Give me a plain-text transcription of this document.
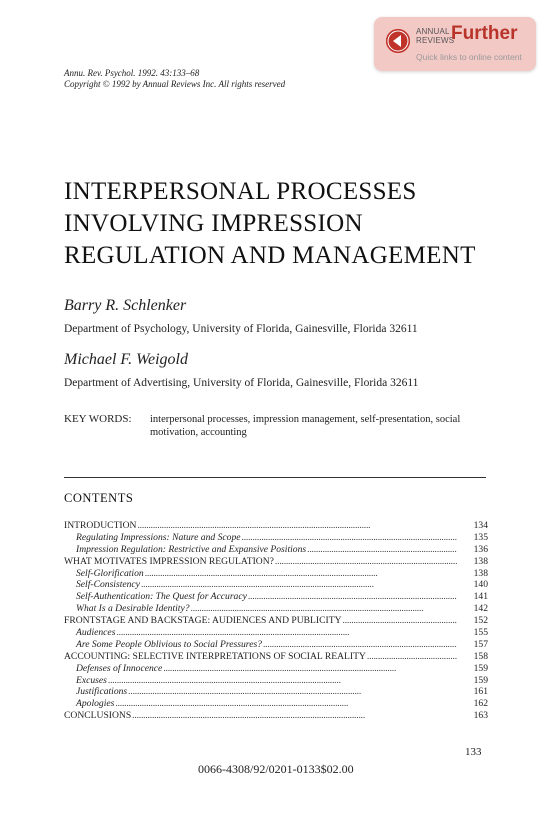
ANNUAL
REVIEWS
Further
Quick links to online content
Annu. Rev. Psychol. 1992. 43:133–68
Copyright © 1992 by Annual Reviews Inc. All rights reserved
INTERPERSONAL PROCESSES
INVOLVING IMPRESSION
REGULATION AND MANAGEMENT
Barry R. Schlenker
Department of Psychology, University of Florida, Gainesville, Florida 32611
Michael F. Weigold
Department of Advertising, University of Florida, Gainesville, Florida 32611
KEY WORDS: interpersonal processes, impression management, self-presentation, social motivation, accounting
CONTENTS
INTRODUCTION . . .	134
Regulating Impressions: Nature and Scope . . .	135
Impression Regulation: Restrictive and Expansive Positions . . .	136
WHAT MOTIVATES IMPRESSION REGULATION? . . .	138
Self-Glorification . . .	138
Self-Consistency . . .	140
Self-Authentication: The Quest for Accuracy . . .	141
What Is a Desirable Identity? . . .	142
FRONTSTAGE AND BACKSTAGE: AUDIENCES AND PUBLICITY . . .	152
Audiences . . .	155
Are Some People Oblivious to Social Pressures? . . .	157
ACCOUNTING: SELECTIVE INTERPRETATIONS OF SOCIAL REALITY . . .	158
Defenses of Innocence . . .	159
Excuses . . .	159
Justifications . . .	161
Apologies . . .	162
CONCLUSIONS . . .	163
133
0066-4308/92/0201-0133$02.00
